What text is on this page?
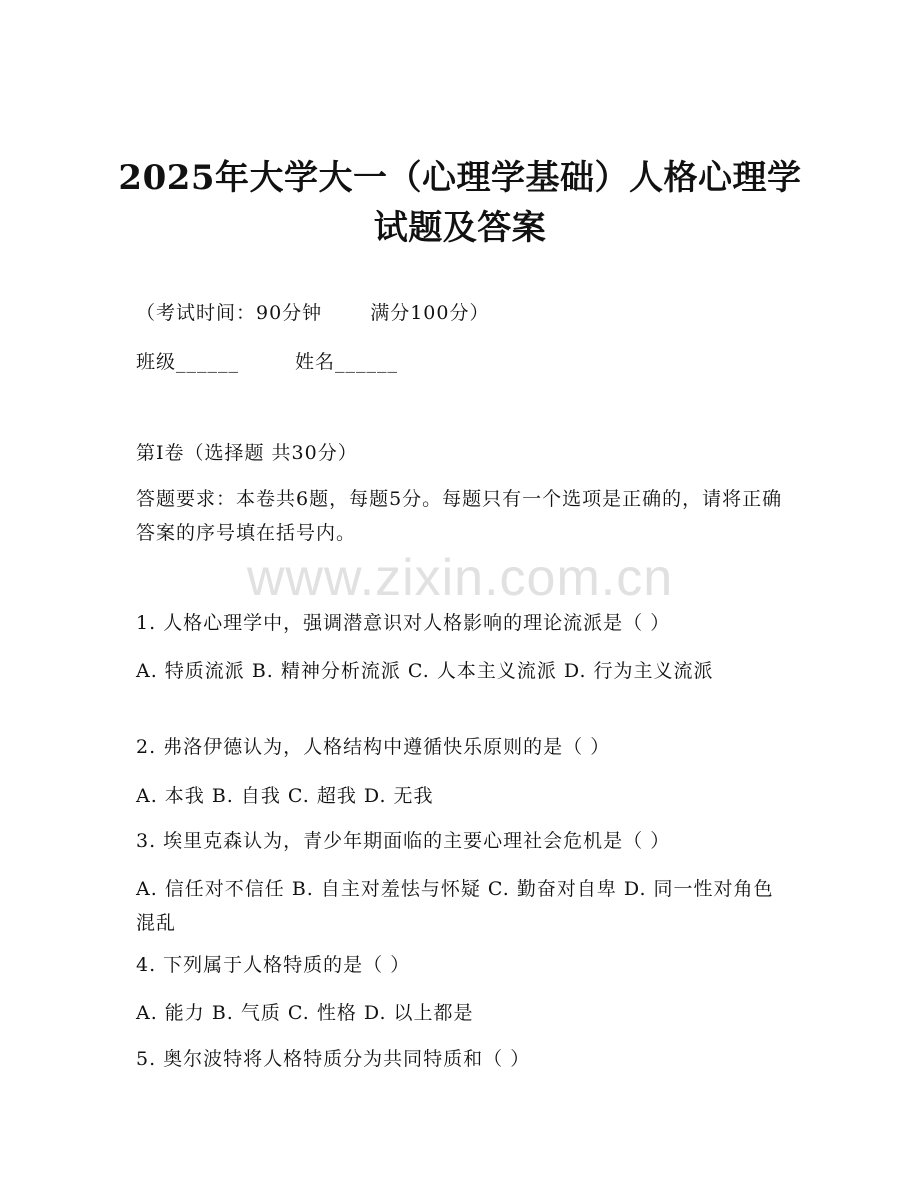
2025年大学大一（心理学基础）人格心理学
试题及答案
（考试时间：90分钟	满分100分）
班级______	姓名______
第Ⅰ卷（选择题 共30分）
答题要求：本卷共6题，每题5分。每题只有一个选项是正确的，请将正确答案的序号填在括号内。
www.zixin.com.cn
1. 人格心理学中，强调潜意识对人格影响的理论流派是（ ）
A. 特质流派 B. 精神分析流派 C. 人本主义流派 D. 行为主义流派
2. 弗洛伊德认为，人格结构中遵循快乐原则的是（ ）
A. 本我 B. 自我 C. 超我 D. 无我
3. 埃里克森认为，青少年期面临的主要心理社会危机是（ ）
A. 信任对不信任 B. 自主对羞怯与怀疑 C. 勤奋对自卑 D. 同一性对角色混乱
4. 下列属于人格特质的是（ ）
A. 能力 B. 气质 C. 性格 D. 以上都是
5. 奥尔波特将人格特质分为共同特质和（ ）
